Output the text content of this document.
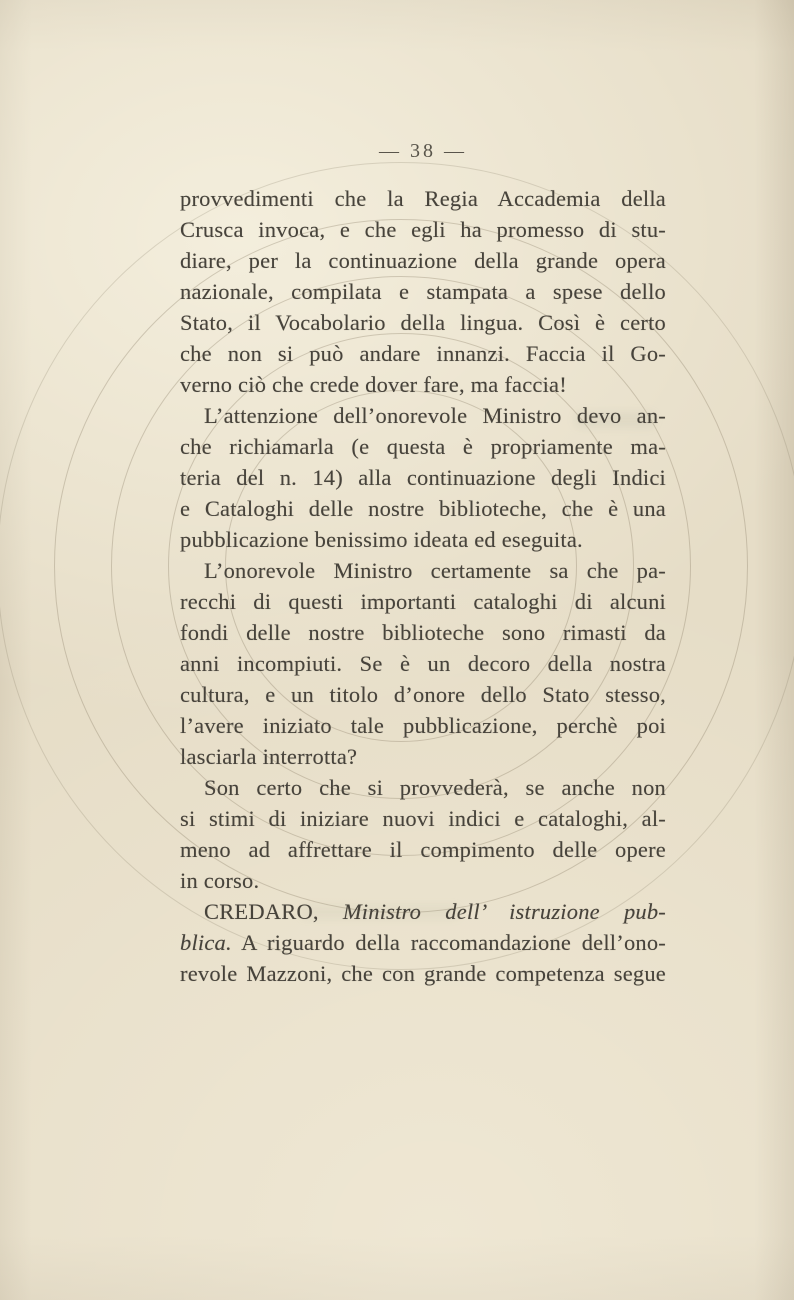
— 38 —
provvedimenti che la Regia Accademia della
Crusca invoca, e che egli ha promesso di stu-
diare, per la continuazione della grande opera
nazionale, compilata e stampata a spese dello
Stato, il Vocabolario della lingua. Così è certo
che non si può andare innanzi. Faccia il Go-
verno ciò che crede dover fare, ma faccia!
L’attenzione dell’onorevole Ministro devo an-
che richiamarla (e questa è propriamente ma-
teria del n. 14) alla continuazione degli Indici
e Cataloghi delle nostre biblioteche, che è una
pubblicazione benissimo ideata ed eseguita.
L’onorevole Ministro certamente sa che pa-
recchi di questi importanti cataloghi di alcuni
fondi delle nostre biblioteche sono rimasti da
anni incompiuti. Se è un decoro della nostra
cultura, e un titolo d’onore dello Stato stesso,
l’avere iniziato tale pubblicazione, perchè poi
lasciarla interrotta?
Son certo che si provvederà, se anche non
si stimi di iniziare nuovi indici e cataloghi, al-
meno ad affrettare il compimento delle opere
in corso.
CREDARO, Ministro dell’ istruzione pub-
blica. A riguardo della raccomandazione dell’ono-
revole Mazzoni, che con grande competenza segue
